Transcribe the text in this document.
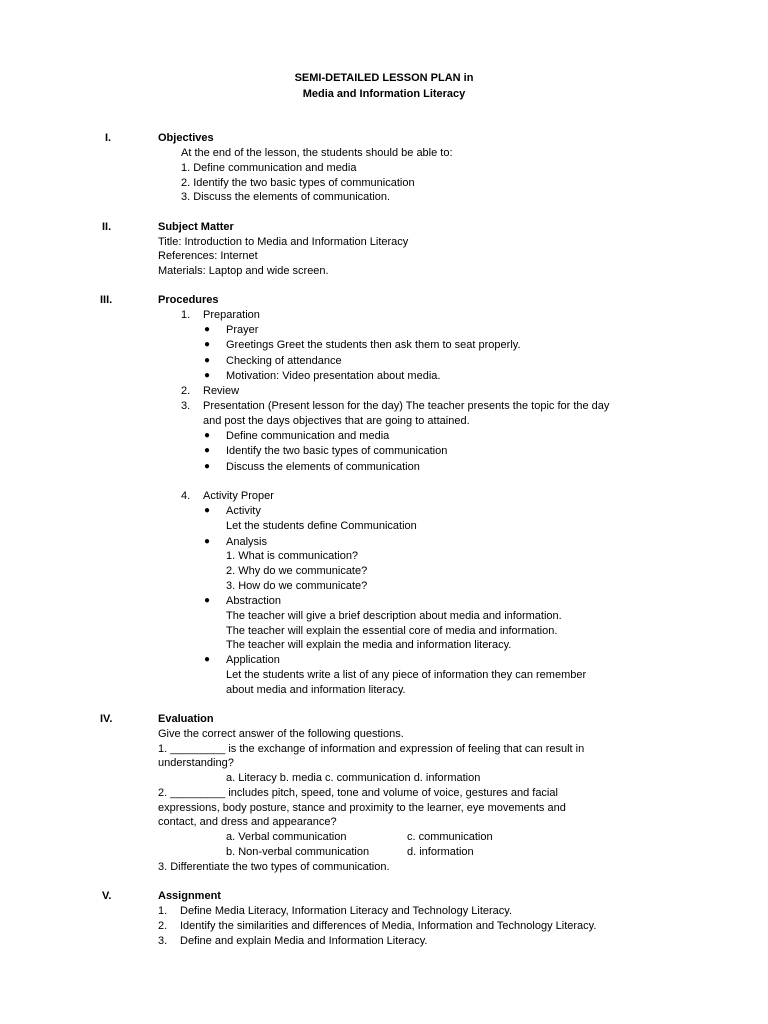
SEMI-DETAILED LESSON PLAN in
Media and Information Literacy
I.	Objectives
At the end of the lesson, the students should be able to:
1. Define communication and media
2. Identify the two basic types of communication
3. Discuss the elements of communication.
II.	Subject Matter
Title: Introduction to Media and Information Literacy
References: Internet
Materials: Laptop and wide screen.
III.	Procedures
1. Preparation
● Prayer
● Greetings Greet the students then ask them to seat properly.
● Checking of attendance
● Motivation: Video presentation about media.
2. Review
3. Presentation (Present lesson for the day) The teacher presents the topic for the day
and post the days objectives that are going to attained.
● Define communication and media
● Identify the two basic types of communication
● Discuss the elements of communication
4. Activity Proper
● Activity
Let the students define Communication
● Analysis
1. What is communication?
2. Why do we communicate?
3. How do we communicate?
● Abstraction
The teacher will give a brief description about media and information.
The teacher will explain the essential core of media and information.
The teacher will explain the media and information literacy.
● Application
Let the students write a list of any piece of information they can remember
about media and information literacy.
IV.	Evaluation
Give the correct answer of the following questions.
1. _________ is the exchange of information and expression of feeling that can result in
understanding?
a. Literacy b. media c. communication d. information
2. _________ includes pitch, speed, tone and volume of voice, gestures and facial
expressions, body posture, stance and proximity to the learner, eye movements and
contact, and dress and appearance?
a. Verbal communication	c. communication
b. Non-verbal communication	d. information
3. Differentiate the two types of communication.
V.	Assignment
1. Define Media Literacy, Information Literacy and Technology Literacy.
2. Identify the similarities and differences of Media, Information and Technology Literacy.
3. Define and explain Media and Information Literacy.
